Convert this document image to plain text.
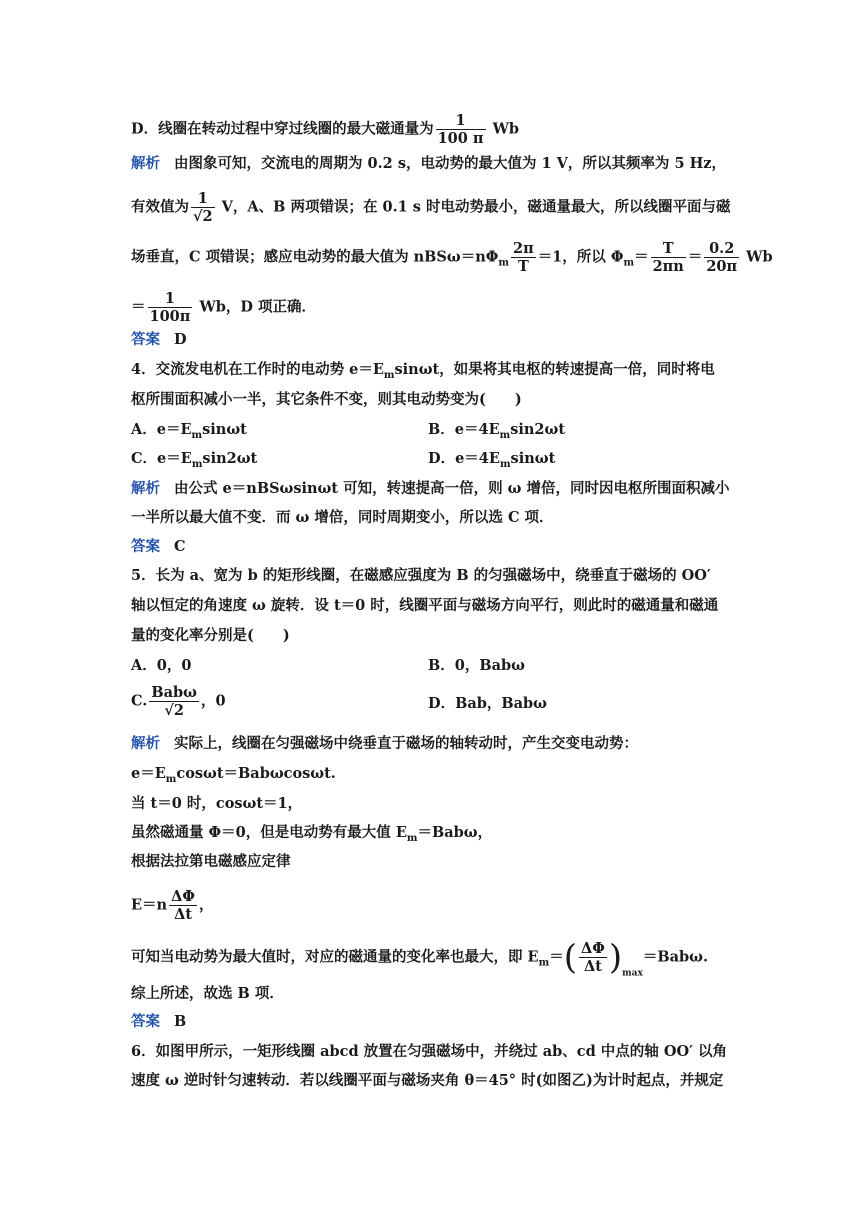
D．线圈在转动过程中穿过线圈的最大磁通量为 $\frac{1}{100 \pi}$ Wb
解析 由图象可知，交流电的周期为 0.2 s，电动势的最大值为 1 V，所以其频率为 5 Hz，
有效值为 $\frac{1}{√2}$ V，A、B 两项错误；在 0.1 s 时电动势最小，磁通量最大，所以线圈平面与磁
场垂直，C 项错误；感应电动势的最大值为 $nBS\omega=n\Phi_m \frac{2\pi}{T} =1$，所以 $\Phi_m= \frac{T}{2\pi n} = \frac{0.2}{20\pi}$ Wb
＝ $\frac{1}{100\pi}$ Wb，D 项正确．
答案 D
4．交流发电机在工作时的电动势 $e=E_m\sin\omega t$，如果将其电枢的转速提高一倍，同时将电
枢所围面积减小一半，其它条件不变，则其电动势变为(　　)
A．$e=E_m\sin\omega t$	B．$e=4E_m\sin 2\omega t$
C．$e=E_m\sin 2\omega t$	D．$e=4E_m\sin\omega t$
解析 由公式 e＝nBSωsinωt 可知，转速提高一倍，则 ω 增倍，同时因电枢所围面积减小
一半所以最大值不变．而 ω 增倍，同时周期变小，所以选 C 项．
答案 C
5．长为 a、宽为 b 的矩形线圈，在磁感应强度为 B 的匀强磁场中，绕垂直于磁场的 OO′
轴以恒定的角速度 ω 旋转．设 t＝0 时，线圈平面与磁场方向平行，则此时的磁通量和磁通
量的变化率分别是(　　)
A．0，0	B．0，Babω
C. $\frac{\text{Babω}}{√2}$ ，0	D．Bab，Babω
解析 实际上，线圈在匀强磁场中绕垂直于磁场的轴转动时，产生交变电动势：
$e=E_m\cos\omega t=Bab\omega\cos\omega t$.
当 t＝0 时，cosωt＝1，
虽然磁通量 Φ＝0，但是电动势有最大值 $E_m=Bab\omega$，
根据法拉第电磁感应定律
$E=n \frac{\Delta\Phi}{\Delta t}$ ，
可知当电动势为最大值时，对应的磁通量的变化率也最大，即 $E_m=( \frac{\Delta\Phi}{\Delta t} )_{max}=Bab\omega$.
综上所述，故选 B 项．
答案 B
6．如图甲所示，一矩形线圈 abcd 放置在匀强磁场中，并绕过 ab、cd 中点的轴 OO′ 以角
速度 ω 逆时针匀速转动．若以线圈平面与磁场夹角 θ＝45° 时(如图乙)为计时起点，并规定
